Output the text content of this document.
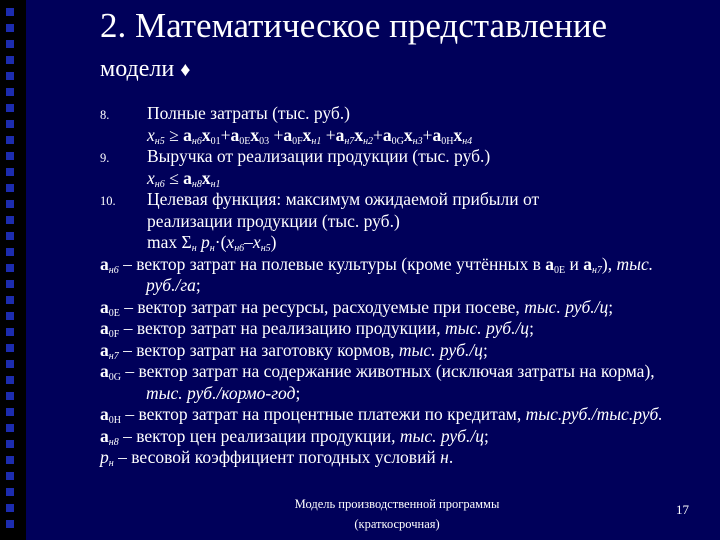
2. Математическое представление
модели ♦
8. Полные затраты (тыс. руб.)
$x_{н5} \ge a_{н6}x_{01}+a_{0E}x_{03} +a_{0F}x_{н1} +a_{н7}x_{н2}+a_{0G}x_{н3}+a_{0H}x_{н4}$
9. Выручка от реализации продукции (тыс. руб.)
$x_{н6} \le a_{н8}x_{н1}$
10. Целевая функция: максимум ожидаемой прибыли от
реализации продукции (тыс. руб.)
$\max \Sigma_н$ $p_н\cdot(x_{н6}-x_{н5})$
$a_{н6}$ – вектор затрат на полевые культуры (кроме учтённых в $a_{0E}$ и $a_{н7}$), тыс.
руб./га;
$a_{0E}$ – вектор затрат на ресурсы, расходуемые при посеве, тыс. руб./ц;
$a_{0F}$ – вектор затрат на реализацию продукции, тыс. руб./ц;
$a_{н7}$ – вектор затрат на заготовку кормов, тыс. руб./ц;
$a_{0G}$ – вектор затрат на содержание животных (исключая затраты на корма),
тыс. руб./кормо-год;
$a_{0H}$ – вектор затрат на процентные платежи по кредитам, тыс.руб./тыс.руб.
$a_{н8}$ – вектор цен реализации продукции, тыс. руб./ц;
$p_н$ – весовой коэффициент погодных условий н.
Модель производственной программы (краткосрочная)
17
